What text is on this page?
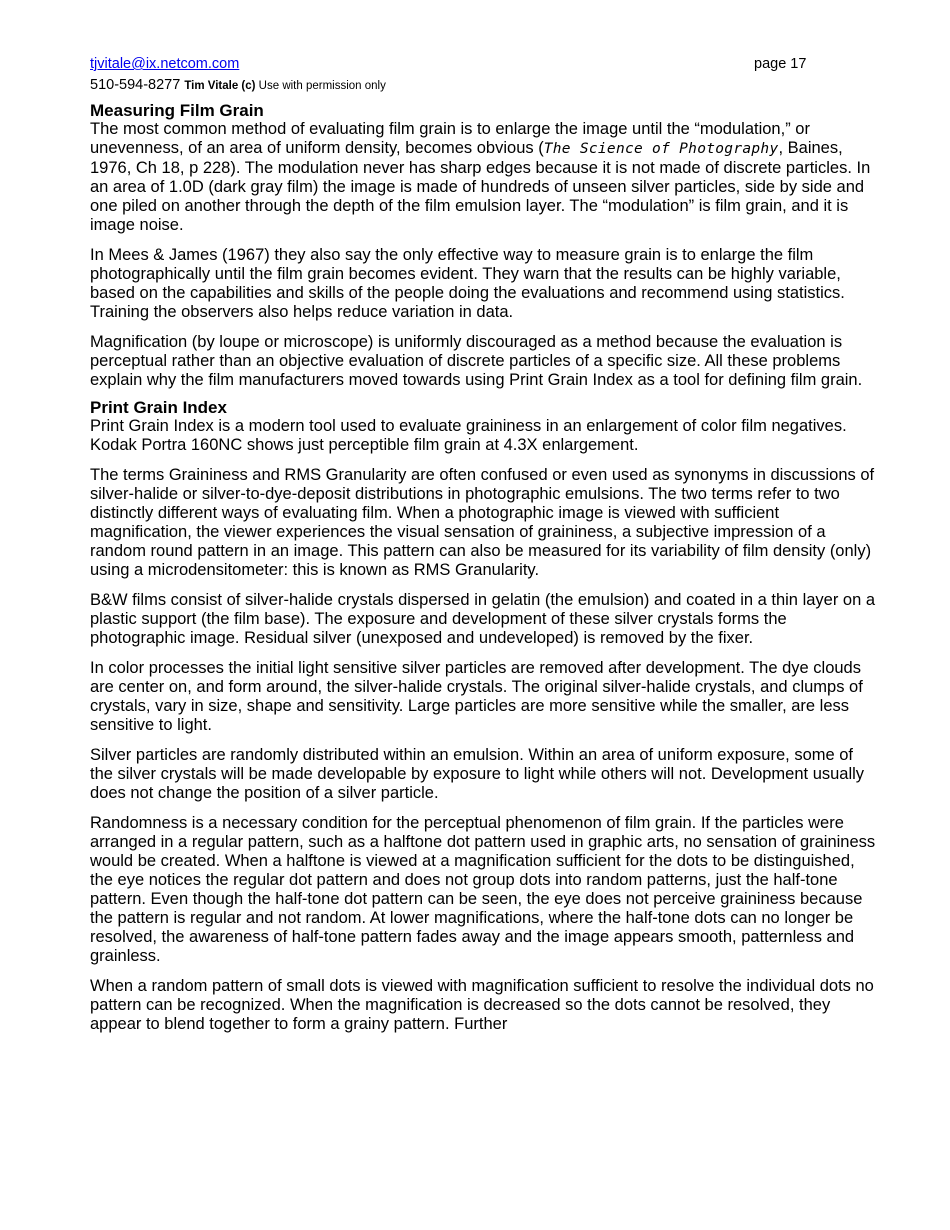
tjvitale@ix.netcom.com	page 17
510-594-8277 Tim Vitale (c) Use with permission only
Measuring Film Grain

The most common method of evaluating film grain is to enlarge the image until the “modulation,” or unevenness, of an area of uniform density, becomes obvious (The Science of Photography, Baines, 1976, Ch 18, p 228). The modulation never has sharp edges because it is not made of discrete particles. In an area of 1.0D (dark gray film) the image is made of hundreds of unseen silver particles, side by side and one piled on another through the depth of the film emulsion layer. The “modulation” is film grain, and it is image noise.

In Mees & James (1967) they also say the only effective way to measure grain is to enlarge the film photographically until the film grain becomes evident. They warn that the results can be highly variable, based on the capabilities and skills of the people doing the evaluations and recommend using statistics. Training the observers also helps reduce variation in data.

Magnification (by loupe or microscope) is uniformly discouraged as a method because the evaluation is perceptual rather than an objective evaluation of discrete particles of a specific size. All these problems explain why the film manufacturers moved towards using Print Grain Index as a tool for defining film grain.

Print Grain Index

Print Grain Index is a modern tool used to evaluate graininess in an enlargement of color film negatives. Kodak Portra 160NC shows just perceptible film grain at 4.3X enlargement.

The terms Graininess and RMS Granularity are often confused or even used as synonyms in discussions of silver-halide or silver-to-dye-deposit distributions in photographic emulsions. The two terms refer to two distinctly different ways of evaluating film. When a photographic image is viewed with sufficient magnification, the viewer experiences the visual sensation of graininess, a subjective impression of a random round pattern in an image. This pattern can also be measured for its variability of film density (only) using a microdensitometer: this is known as RMS Granularity.

B&W films consist of silver-halide crystals dispersed in gelatin (the emulsion) and coated in a thin layer on a plastic support (the film base). The exposure and development of these silver crystals forms the photographic image. Residual silver (unexposed and undeveloped) is removed by the fixer.

In color processes the initial light sensitive silver particles are removed after development. The dye clouds are center on, and form around, the silver-halide crystals. The original silver-halide crystals, and clumps of crystals, vary in size, shape and sensitivity. Large particles are more sensitive while the smaller, are less sensitive to light.

Silver particles are randomly distributed within an emulsion. Within an area of uniform exposure, some of the silver crystals will be made developable by exposure to light while others will not. Development usually does not change the position of a silver particle.

Randomness is a necessary condition for the perceptual phenomenon of film grain. If the particles were arranged in a regular pattern, such as a halftone dot pattern used in graphic arts, no sensation of graininess would be created. When a halftone is viewed at a magnification sufficient for the dots to be distinguished, the eye notices the regular dot pattern and does not group dots into random patterns, just the half-tone pattern. Even though the half-tone dot pattern can be seen, the eye does not perceive graininess because the pattern is regular and not random. At lower magnifications, where the half-tone dots can no longer be resolved, the awareness of half-tone pattern fades away and the image appears smooth, patternless and grainless.

When a random pattern of small dots is viewed with magnification sufficient to resolve the individual dots no pattern can be recognized. When the magnification is decreased so the dots cannot be resolved, they appear to blend together to form a grainy pattern. Further
